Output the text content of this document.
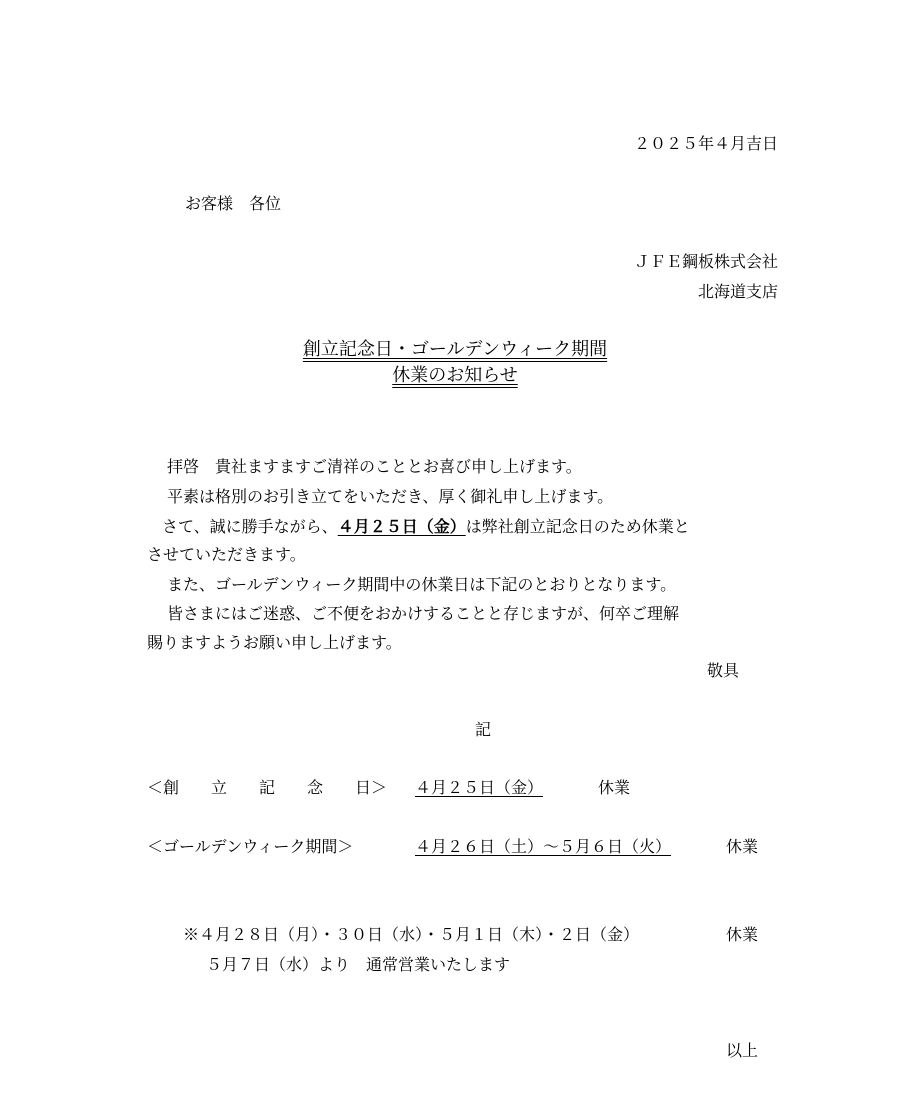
２０２５年４月吉日
お客様　各位
ＪＦＥ鋼板株式会社
北海道支店
創立記念日・ゴールデンウィーク期間
休業のお知らせ
拝啓　貴社ますますご清祥のこととお喜び申し上げます。
平素は格別のお引き立てをいただき、厚く御礼申し上げます。
さて、誠に勝手ながら、４月２５日（金）は弊社創立記念日のため休業と
させていただきます。
また、ゴールデンウィーク期間中の休業日は下記のとおりとなります。
皆さまにはご迷惑、ご不便をおかけすることと存じますが、何卒ご理解
賜りますようお願い申し上げます。
敬具
記
＜創　　立　　記　　念　　日＞ ４月２５日（金）	休業
＜ゴールデンウィーク期間＞	４月２６日（土）～５月６日（火）	休業
※４月２８日（月）・３０日（水）・５月１日（木）・２日（金）	休業
５月７日（水）より　通常営業いたします
以上
